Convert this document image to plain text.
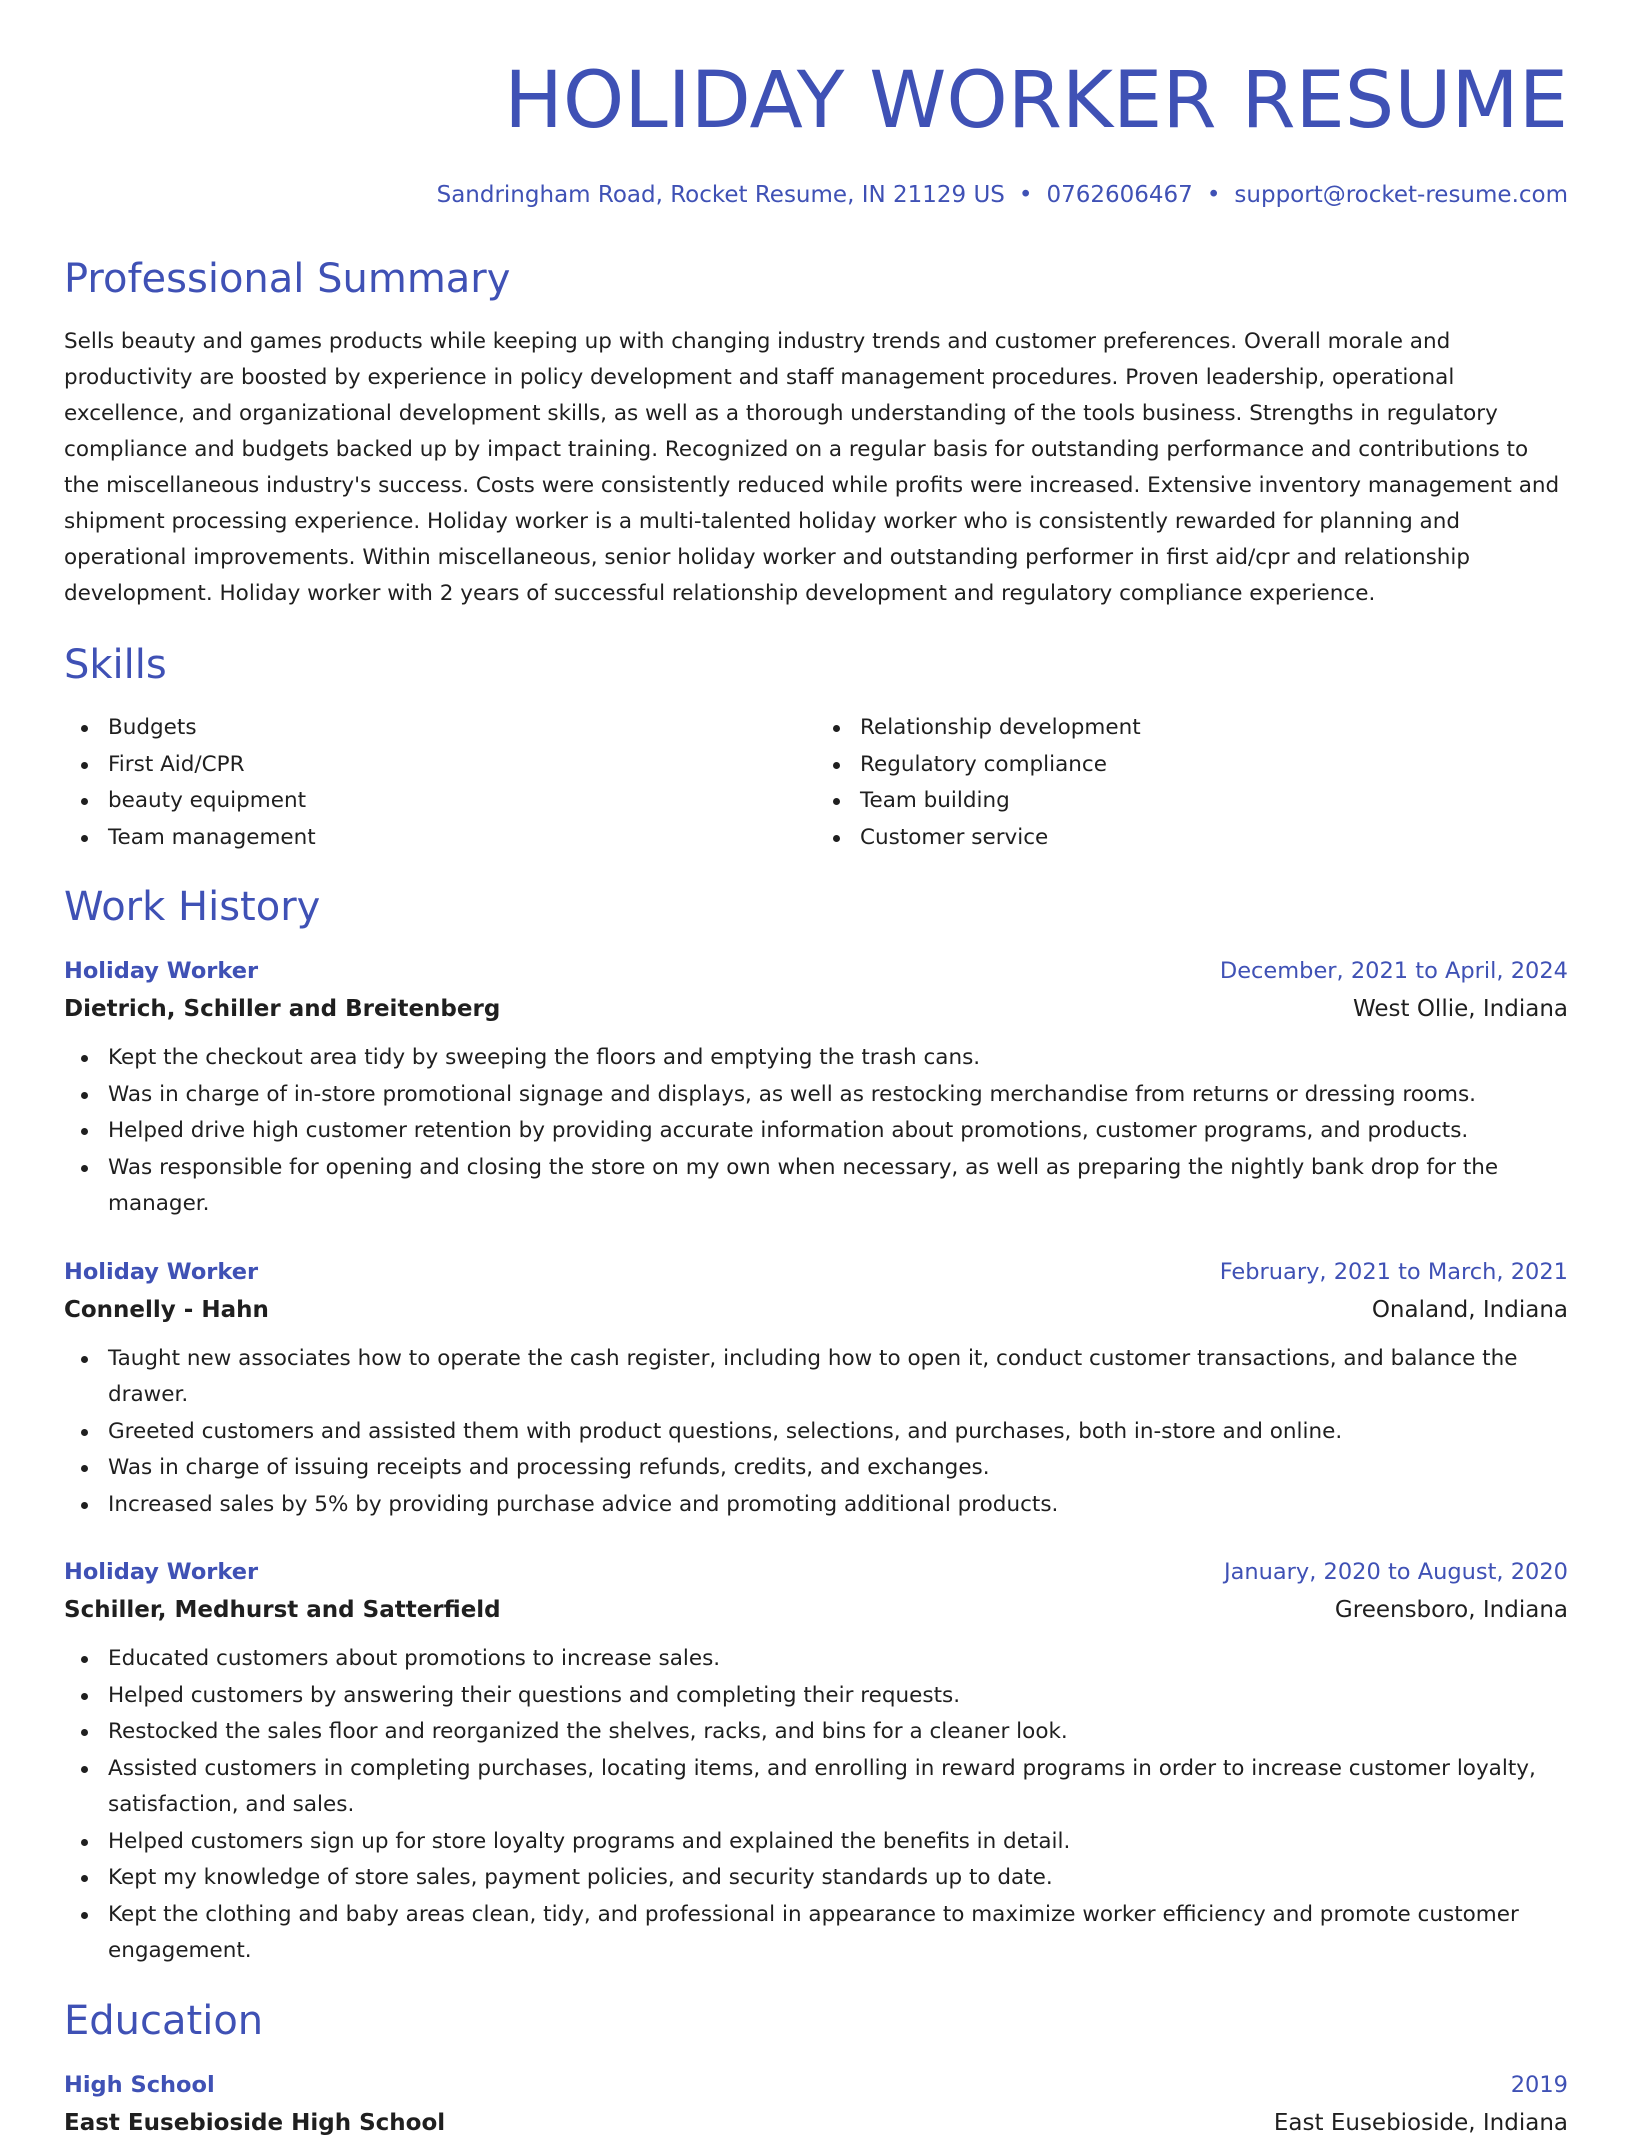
HOLIDAY WORKER RESUME
Sandringham Road, Rocket Resume, IN 21129 US • 0762606467 • support@rocket-resume.com
Professional Summary

Sells beauty and games products while keeping up with changing industry trends and customer preferences. Overall morale and productivity are boosted by experience in policy development and staff management procedures. Proven leadership, operational excellence, and organizational development skills, as well as a thorough understanding of the tools business. Strengths in regulatory compliance and budgets backed up by impact training. Recognized on a regular basis for outstanding performance and contributions to the miscellaneous industry's success. Costs were consistently reduced while profits were increased. Extensive inventory management and shipment processing experience. Holiday worker is a multi-talented holiday worker who is consistently rewarded for planning and operational improvements. Within miscellaneous, senior holiday worker and outstanding performer in first aid/cpr and relationship development. Holiday worker with 2 years of successful relationship development and regulatory compliance experience.

Skills
Budgets
First Aid/CPR
beauty equipment
Team management
Relationship development
Regulatory compliance
Team building
Customer service
Work History
Holiday Worker	December, 2021 to April, 2024
Dietrich, Schiller and Breitenberg	West Ollie, Indiana
Kept the checkout area tidy by sweeping the floors and emptying the trash cans.
Was in charge of in-store promotional signage and displays, as well as restocking merchandise from returns or dressing rooms.
Helped drive high customer retention by providing accurate information about promotions, customer programs, and products.
Was responsible for opening and closing the store on my own when necessary, as well as preparing the nightly bank drop for the manager.
Holiday Worker	February, 2021 to March, 2021
Connelly - Hahn	Onaland, Indiana
Taught new associates how to operate the cash register, including how to open it, conduct customer transactions, and balance the drawer.
Greeted customers and assisted them with product questions, selections, and purchases, both in-store and online.
Was in charge of issuing receipts and processing refunds, credits, and exchanges.
Increased sales by 5% by providing purchase advice and promoting additional products.
Holiday Worker	January, 2020 to August, 2020
Schiller, Medhurst and Satterfield	Greensboro, Indiana
Educated customers about promotions to increase sales.
Helped customers by answering their questions and completing their requests.
Restocked the sales floor and reorganized the shelves, racks, and bins for a cleaner look.
Assisted customers in completing purchases, locating items, and enrolling in reward programs in order to increase customer loyalty, satisfaction, and sales.
Helped customers sign up for store loyalty programs and explained the benefits in detail.
Kept my knowledge of store sales, payment policies, and security standards up to date.
Kept the clothing and baby areas clean, tidy, and professional in appearance to maximize worker efficiency and promote customer engagement.
Education
High School	2019
East Eusebioside High School	East Eusebioside, Indiana
